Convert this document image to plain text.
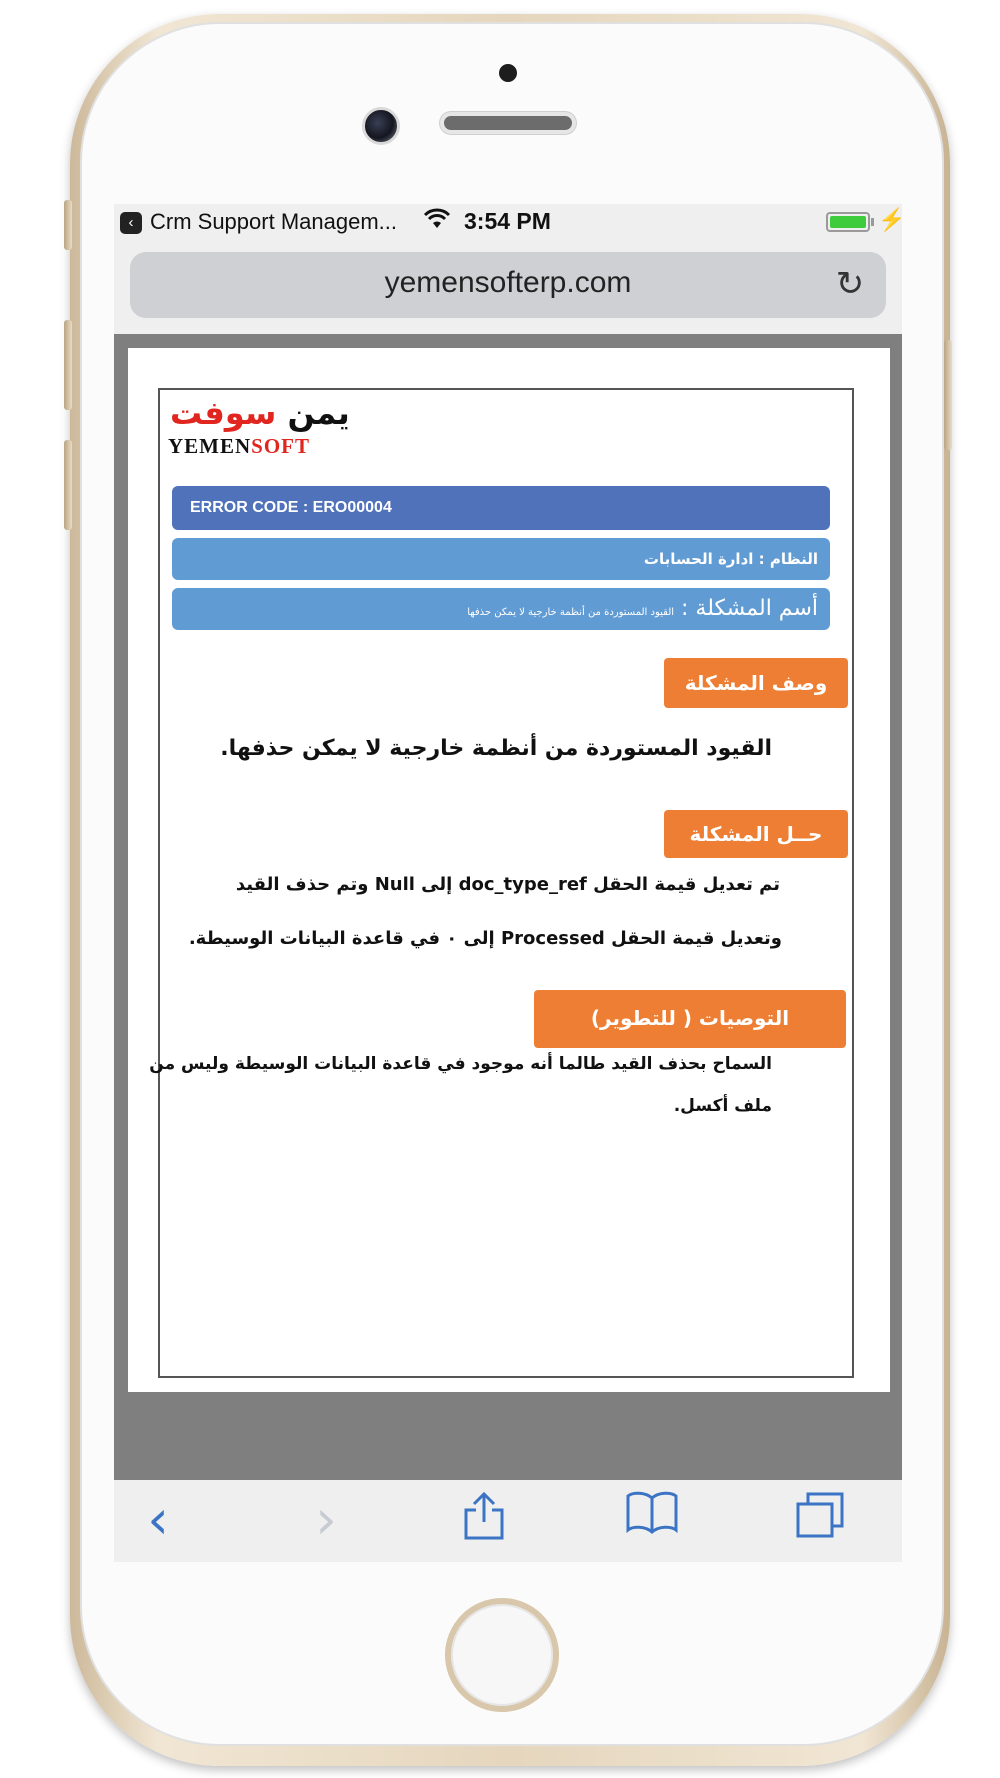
‹ Crm Support Managem...	3:54 PM	⚡
yemensofterp.com	↻
يمن سوفت
YEMENSOFT
ERROR CODE : ERO00004
النظام : ادارة الحسابات
أسم المشكلة : القيود المستوردة من أنظمة خارجية لا يمكن حذفها
وصف المشكلة
القيود المستوردة من أنظمة خارجية لا يمكن حذفها.
حــل المشكلة
تم تعديل قيمة الحقل doc_type_ref إلى Null وتم حذف القيد
وتعديل قيمة الحقل Processed إلى ٠ في قاعدة البيانات الوسيطة.
التوصيات ( للتطوير)
السماح بحذف القيد طالما أنه موجود في قاعدة البيانات الوسيطة وليس من
ملف أكسل.
‹	›
